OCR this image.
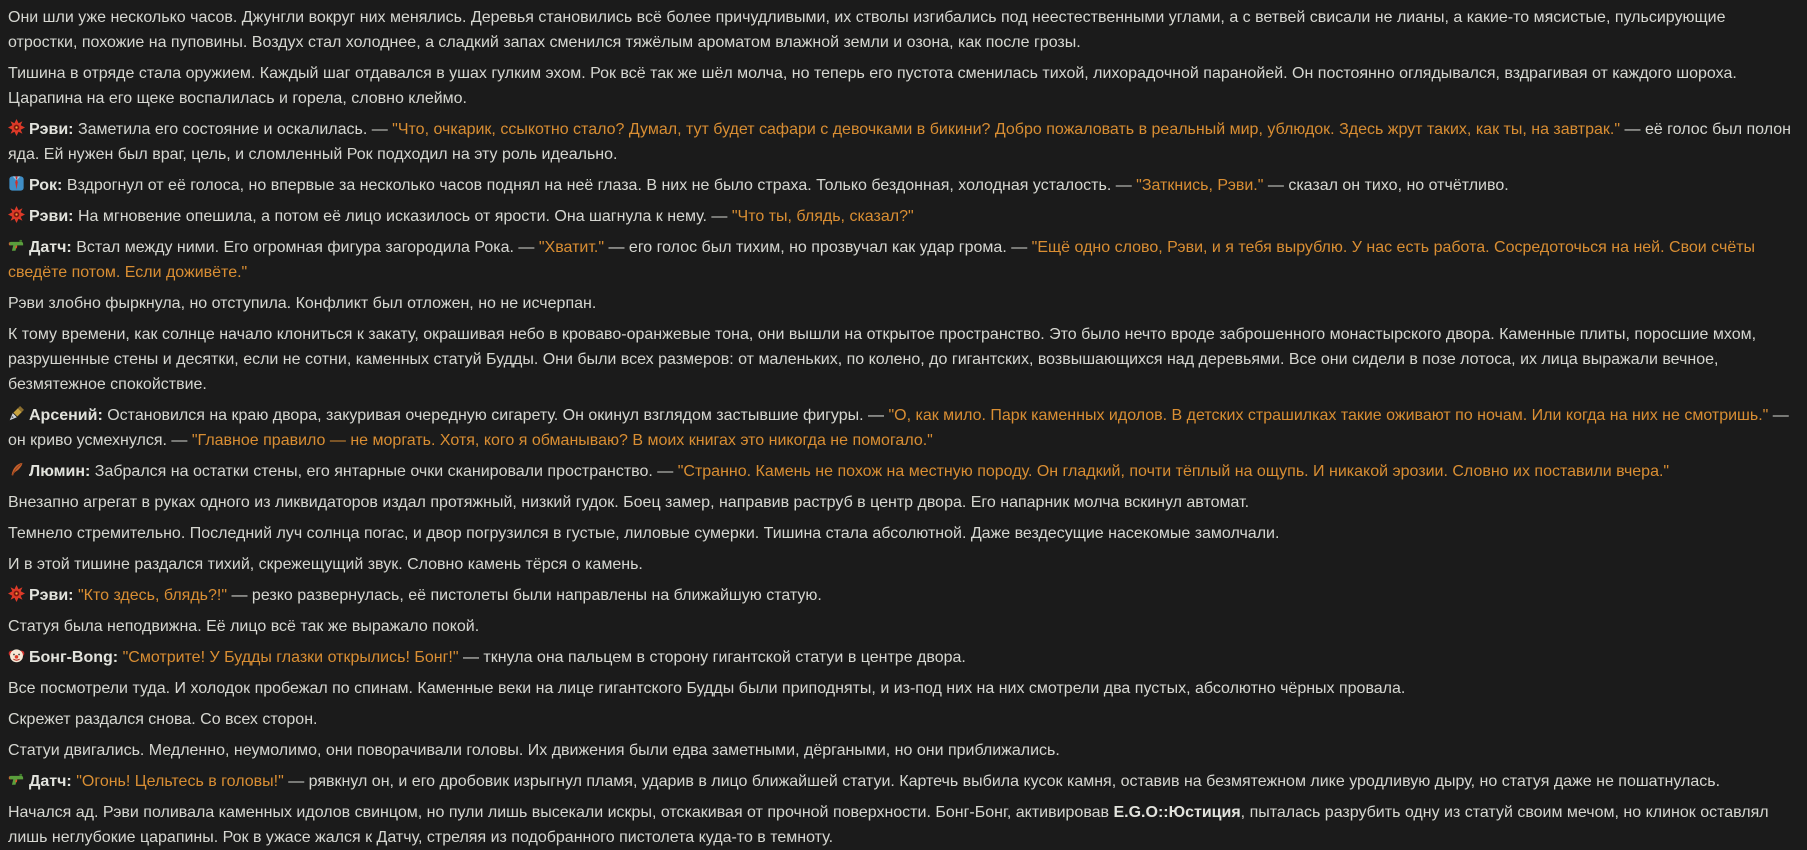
Они шли уже несколько часов. Джунгли вокруг них менялись. Деревья становились всё более причудливыми, их стволы изгибались под неестественными углами, а с ветвей свисали не лианы, а какие-то мясистые, пульсирующие отростки, похожие на пуповины. Воздух стал холоднее, а сладкий запах сменился тяжёлым ароматом влажной земли и озона, как после грозы.

Тишина в отряде стала оружием. Каждый шаг отдавался в ушах гулким эхом. Рок всё так же шёл молча, но теперь его пустота сменилась тихой, лихорадочной паранойей. Он постоянно оглядывался, вздрагивая от каждого шороха. Царапина на его щеке воспалилась и горела, словно клеймо.

Рэви: Заметила его состояние и оскалилась. — "Что, очкарик, ссыкотно стало? Думал, тут будет сафари с девочками в бикини? Добро пожаловать в реальный мир, ублюдок. Здесь жрут таких, как ты, на завтрак." — её голос был полон яда. Ей нужен был враг, цель, и сломленный Рок подходил на эту роль идеально.

Рок: Вздрогнул от её голоса, но впервые за несколько часов поднял на неё глаза. В них не было страха. Только бездонная, холодная усталость. — "Заткнись, Рэви." — сказал он тихо, но отчётливо.

Рэви: На мгновение опешила, а потом её лицо исказилось от ярости. Она шагнула к нему. — "Что ты, блядь, сказал?"

Датч: Встал между ними. Его огромная фигура загородила Рока. — "Хватит." — его голос был тихим, но прозвучал как удар грома. — "Ещё одно слово, Рэви, и я тебя вырублю. У нас есть работа. Сосредоточься на ней. Свои счёты сведёте потом. Если доживёте."

Рэви злобно фыркнула, но отступила. Конфликт был отложен, но не исчерпан.

К тому времени, как солнце начало клониться к закату, окрашивая небо в кроваво-оранжевые тона, они вышли на открытое пространство. Это было нечто вроде заброшенного монастырского двора. Каменные плиты, поросшие мхом, разрушенные стены и десятки, если не сотни, каменных статуй Будды. Они были всех размеров: от маленьких, по колено, до гигантских, возвышающихся над деревьями. Все они сидели в позе лотоса, их лица выражали вечное, безмятежное спокойствие.

Арсений: Остановился на краю двора, закуривая очередную сигарету. Он окинул взглядом застывшие фигуры. — "О, как мило. Парк каменных идолов. В детских страшилках такие оживают по ночам. Или когда на них не смотришь." — он криво усмехнулся. — "Главное правило — не моргать. Хотя, кого я обманываю? В моих книгах это никогда не помогало."

Люмин: Забрался на остатки стены, его янтарные очки сканировали пространство. — "Странно. Камень не похож на местную породу. Он гладкий, почти тёплый на ощупь. И никакой эрозии. Словно их поставили вчера."

Внезапно агрегат в руках одного из ликвидаторов издал протяжный, низкий гудок. Боец замер, направив раструб в центр двора. Его напарник молча вскинул автомат.

Темнело стремительно. Последний луч солнца погас, и двор погрузился в густые, лиловые сумерки. Тишина стала абсолютной. Даже вездесущие насекомые замолчали.

И в этой тишине раздался тихий, скрежещущий звук. Словно камень тёрся о камень.

Рэви: "Кто здесь, блядь?!" — резко развернулась, её пистолеты были направлены на ближайшую статую.

Статуя была неподвижна. Её лицо всё так же выражало покой.

Бонг-Bong: "Смотрите! У Будды глазки открылись! Бонг!" — ткнула она пальцем в сторону гигантской статуи в центре двора.

Все посмотрели туда. И холодок пробежал по спинам. Каменные веки на лице гигантского Будды были приподняты, и из-под них на них смотрели два пустых, абсолютно чёрных провала.

Скрежет раздался снова. Со всех сторон.

Статуи двигались. Медленно, неумолимо, они поворачивали головы. Их движения были едва заметными, дёргаными, но они приближались.

Датч: "Огонь! Цельтесь в головы!" — рявкнул он, и его дробовик изрыгнул пламя, ударив в лицо ближайшей статуи. Картечь выбила кусок камня, оставив на безмятежном лике уродливую дыру, но статуя даже не пошатнулась.

Начался ад. Рэви поливала каменных идолов свинцом, но пули лишь высекали искры, отскакивая от прочной поверхности. Бонг-Бонг, активировав E.G.O::Юстиция, пыталась разрубить одну из статуй своим мечом, но клинок оставлял лишь неглубокие царапины. Рок в ужасе жался к Датчу, стреляя из подобранного пистолета куда-то в темноту.
